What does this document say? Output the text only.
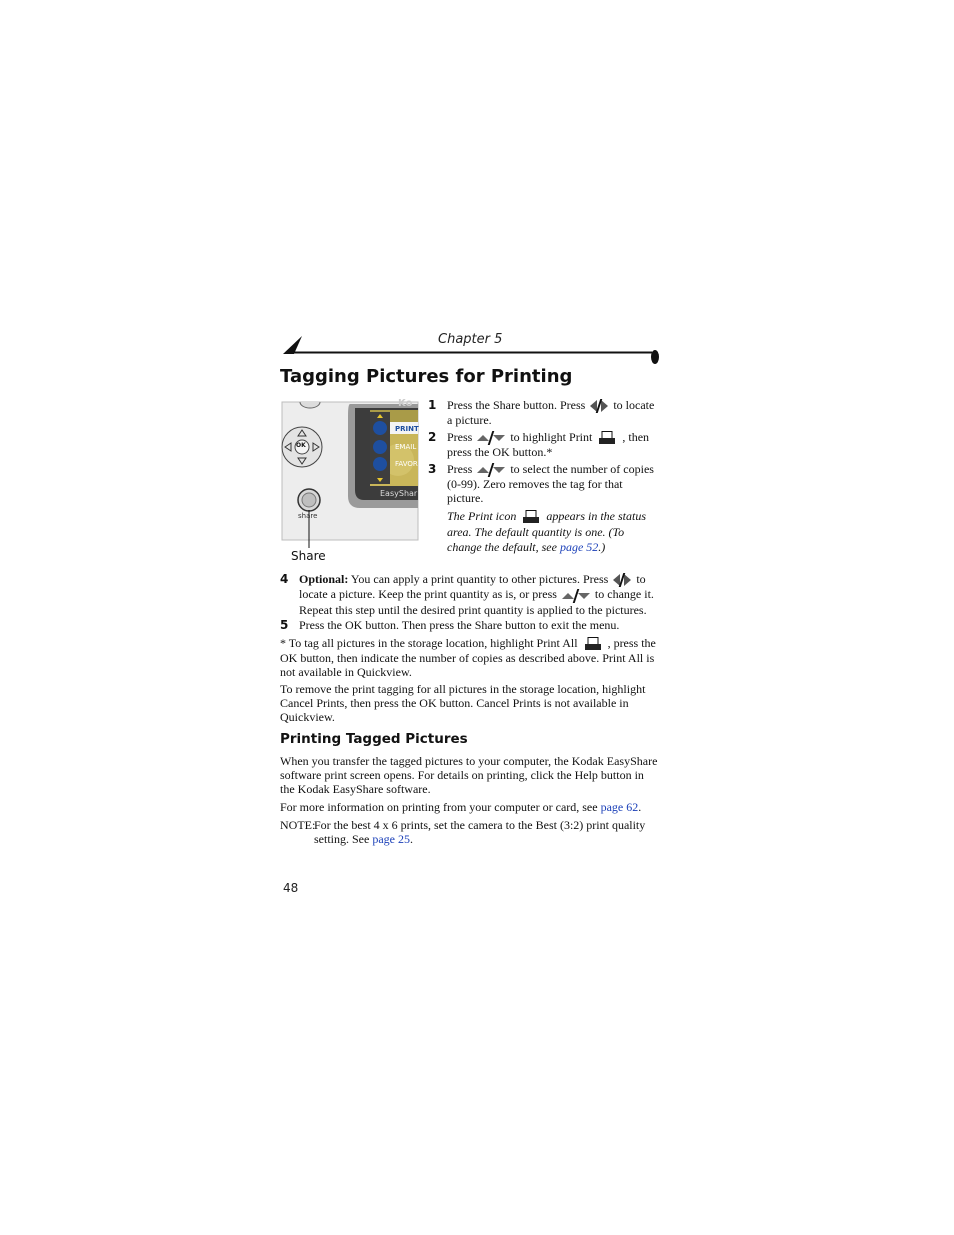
Chapter 5
Tagging Pictures for Printing
OK
share
Ko
PRINT
EMAIL
FAVOR
EasyShar
Share
1 Press the Share button. Press to locate a picture.
2 Press	to highlight Print	, then press the OK button.*
3 Press	to select the number of copies (0-99). Zero removes the tag for that picture.
The Print icon	appears in the status area. The default quantity is one. (To change the default, see page 52.)
4 Optional: You can apply a print quantity to other pictures. Press to locate a picture. Keep the print quantity as is, or press	to change it. Repeat this step until the desired print quantity is applied to the pictures.
5 Press the OK button. Then press the Share button to exit the menu.
* To tag all pictures in the storage location, highlight Print All	, press the OK button, then indicate the number of copies as described above. Print All is not available in Quickview.
To remove the print tagging for all pictures in the storage location, highlight Cancel Prints, then press the OK button. Cancel Prints is not available in Quickview.
Printing Tagged Pictures
When you transfer the tagged pictures to your computer, the Kodak EasyShare software print screen opens. For details on printing, click the Help button in the Kodak EasyShare software.
For more information on printing from your computer or card, see page 62.
NOTE:
For the best 4 x 6 prints, set the camera to the Best (3:2) print quality setting. See page 25.
48
